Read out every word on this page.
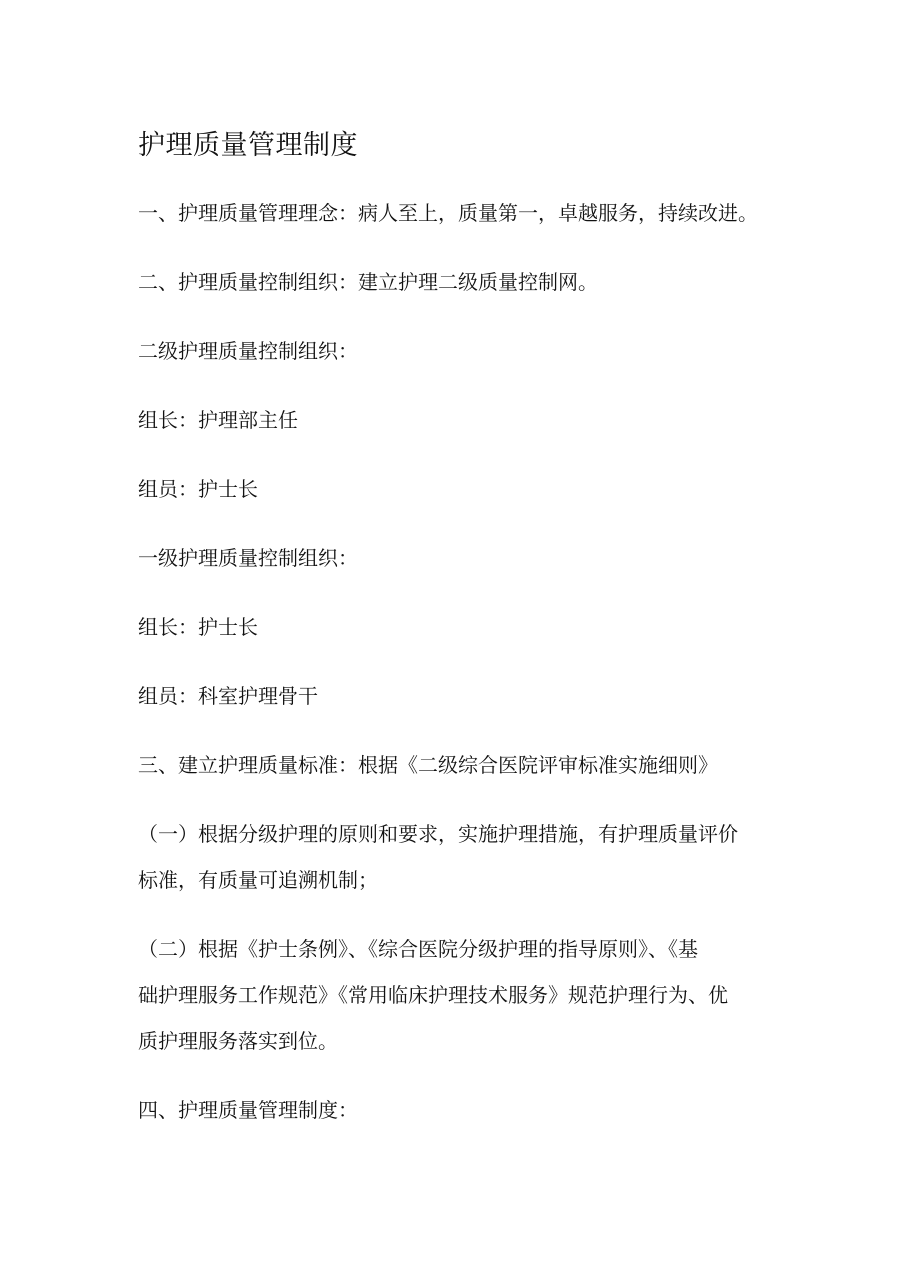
护理质量管理制度
一、护理质量管理理念：病人至上，质量第一，卓越服务，持续改进。
二、护理质量控制组织：建立护理二级质量控制网。
二级护理质量控制组织：
组长：护理部主任
组员：护士长
一级护理质量控制组织：
组长：护士长
组员：科室护理骨干
三、建立护理质量标准：根据《二级综合医院评审标准实施细则》
（一）根据分级护理的原则和要求，实施护理措施，有护理质量评价
标准，有质量可追溯机制；
（二）根据《护士条例》、《综合医院分级护理的指导原则》、《基
础护理服务工作规范》《常用临床护理技术服务》规范护理行为、优
质护理服务落实到位。
四、护理质量管理制度：
